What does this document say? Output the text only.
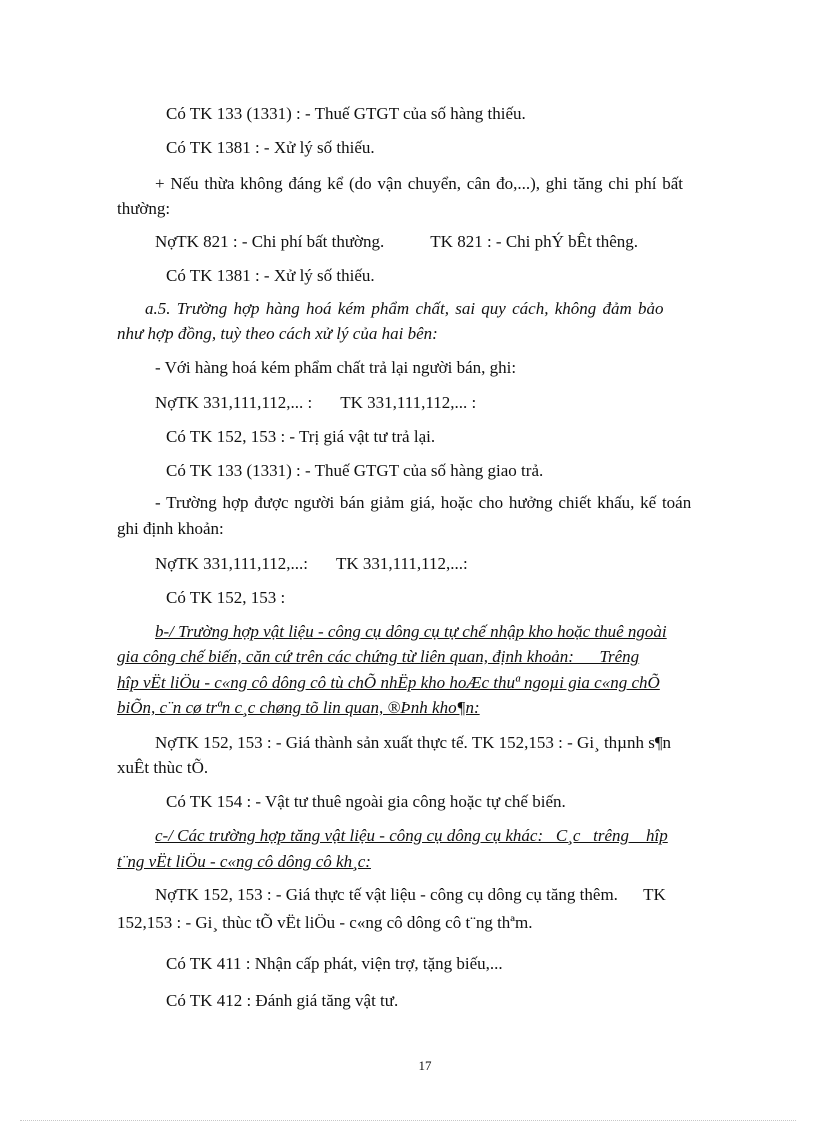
Có TK 133 (1331) : - Thuế GTGT của số hàng thiếu.
Có TK 1381 : - Xử lý số thiếu.
+ Nếu thừa không đáng kể (do vận chuyển, cân đo,...), ghi tăng chi phí bất
thường:
NợTK 821 : - Chi phí bất thường.	TK 821 : - Chi phÝ bÊt thêng.
Có TK 1381 : - Xử lý số thiếu.
a.5. Trường hợp hàng hoá kém phẩm chất, sai quy cách, không đảm bảo
như hợp đồng, tuỳ theo cách xử lý của hai bên:
- Với hàng hoá kém phẩm chất trả lại người bán, ghi:
NợTK 331,111,112,... : TK 331,111,112,... :
Có TK 152, 153 : - Trị giá vật tư trả lại.
Có TK 133 (1331) : - Thuế GTGT của số hàng giao trả.
- Trường hợp được người bán giảm giá, hoặc cho hưởng chiết khấu, kế toán
ghi định khoản:
NợTK 331,111,112,...: TK 331,111,112,...:
Có TK 152, 153 :
b-/ Trường hợp vật liệu - công cụ dông cụ tự chế nhập kho hoặc thuê ngoài
gia công chế biến, căn cứ trên các chứng từ liên quan, định khoản:      Trêng
hîp vËt liÖu - c«ng cô dông cô tù chÕ nhËp kho hoÆc thuª ngoµi gia c«ng chÕ
biÕn, c¨n cø trªn c¸c chøng tõ lin quan, ®Þnh kho¶n:
NợTK 152, 153 : - Giá thành sản xuất thực tế. TK 152,153 : - Gi¸ thµnh s¶n
xuÊt thùc tÕ.
Có TK 154 : - Vật tư thuê ngoài gia công hoặc tự chế biến.
c-/ Các trường hợp tăng vật liệu - công cụ dông cụ khác:   C¸c   trêng    hîp
t¨ng vËt liÖu - c«ng cô dông cô kh¸c:
NợTK 152, 153 : - Giá thực tế vật liệu - công cụ dông cụ tăng thêm.      TK
152,153 : - Gi¸ thùc tÕ vËt liÖu - c«ng cô dông cô t¨ng thªm.
Có TK 411 : Nhận cấp phát, viện trợ, tặng biếu,...
Có TK 412 : Đánh giá tăng vật tư.
17
